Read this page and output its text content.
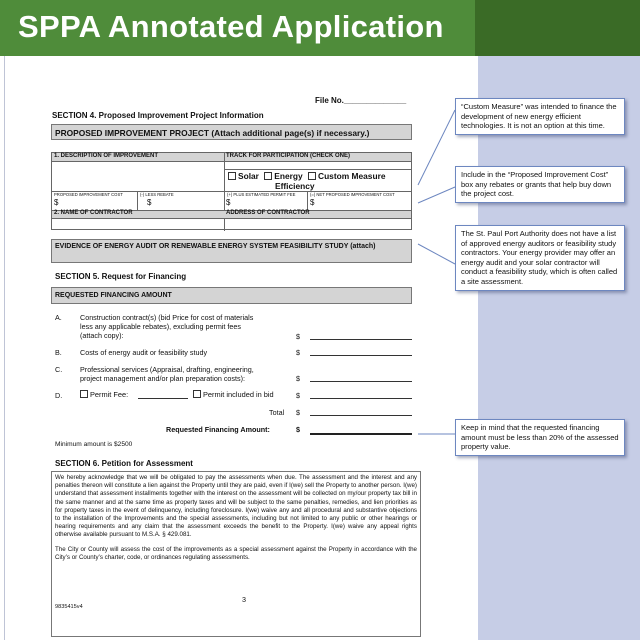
SPPA Annotated Application
File No.______________
SECTION 4. Proposed Improvement Project Information
PROPOSED IMPROVEMENT PROJECT (Attach additional page(s) if necessary.)
1. DESCRIPTION OF IMPROVEMENT	TRACK FOR PARTICIPATION (CHECK ONE)
Solar Energy Custom Measure
Efficiency
PROPOSED IMPROVEMENT COST	(-) LESS REBATE	(+) PLUS ESTIMATED PERMIT FEE	(=) NET PROPOSED IMPROVEMENT COST
$	$	$	$
2. NAME OF CONTRACTOR	ADDRESS OF CONTRACTOR
EVIDENCE OF ENERGY AUDIT OR RENEWABLE ENERGY SYSTEM FEASIBILITY STUDY (attach)
SECTION 5. Request for Financing
REQUESTED FINANCING AMOUNT
A.	Construction contract(s) (bid Price for cost of materials
less any applicable rebates), excluding permit fees
(attach copy):	$
B.	Costs of energy audit or feasibility study	$
C. Professional services (Appraisal, drafting, engineering,
project management and/or plan preparation costs):	$
D.	Permit Fee:	Permit included in bid	$
Total $
Requested Financing Amount:	$
Minimum amount is $2500
SECTION 6. Petition for Assessment

We hereby acknowledge that we will be obligated to pay the assessments when due. The assessment and the interest and any penalties thereon will constitute a lien against the Property until they are paid, even if I(we) sell the Property to another person. I(we) understand that assessment installments together with the interest on the assessment will be collected on my/our property tax bill in the same manner and at the same time as property taxes and will be subject to the same penalties, remedies, and lien priorities as for property taxes in the event of delinquency, including foreclosure. I(we) waive any and all procedural and substantive objections to the installation of the Improvements and the special assessments, including but not limited to any public or other hearings or hearing requirements and any claim that the assessment exceeds the benefit to the Property. I(we) waive any appeal rights otherwise available pursuant to M.S.A. § 429.081.

The City or County will assess the cost of the improvements as a special assessment against the Property in accordance with the City’s or County’s charter, code, or ordinances regulating assessments.

3
9835415v4
“Custom Measure” was intended to finance the development of new energy efficient technologies. It is not an option at this time.
Include in the “Proposed Improvement Cost” box any rebates or grants that help buy down the project cost.
The St. Paul Port Authority does not have a list of approved energy auditors or feasibility study contractors. Your energy provider may offer an energy audit and your solar contractor will conduct a feasibility study, which is often called a site assessment.
Keep in mind that the requested financing amount must be less than 20% of the assessed property value.
